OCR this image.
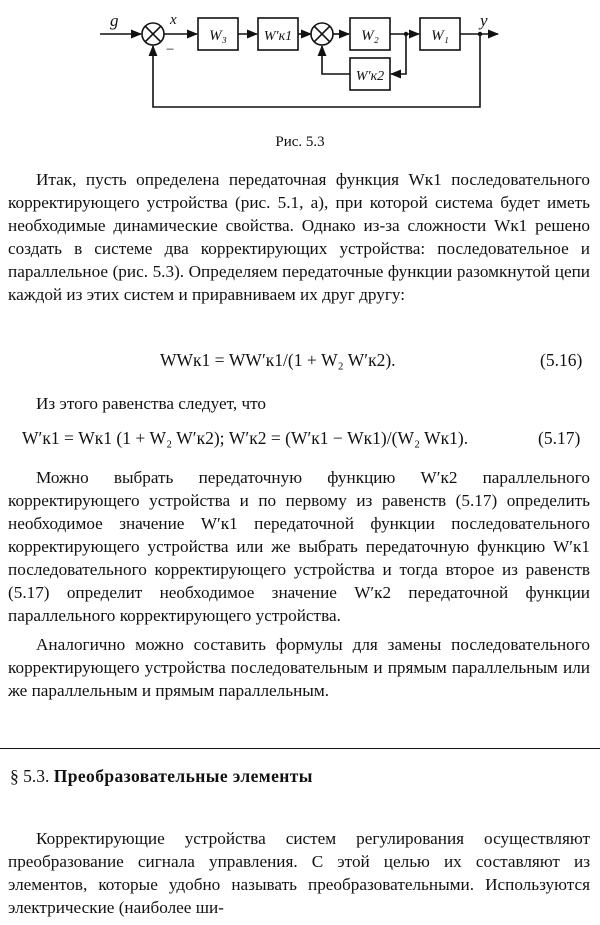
g	x	y
−
W₃	W′к1	W₂	W₁
W′к2
Рис. 5.3

Итак, пусть определена передаточная функция Wк1 последовательного корректирующего устройства (рис. 5.1, а), при которой система будет иметь необходимые динамические свойства. Однако из-за сложности Wк1 решено создать в системе два корректирующих устройства: последовательное и параллельное (рис. 5.3). Определяем передаточные функции разомкнутой цепи каждой из этих систем и приравниваем их друг другу:

WWк1 = WW′к1/(1 + W₂ W′к2).	(5.16)

Из этого равенства следует, что

W′к1 = Wк1 (1 + W₂ W′к2); W′к2 = (W′к1 − Wк1)/(W₂ Wк1).	(5.17)

Можно выбрать передаточную функцию W′к2 параллельного корректирующего устройства и по первому из равенств (5.17) определить необходимое значение W′к1 передаточной функции последовательного корректирующего устройства или же выбрать передаточную функцию W′к1 последовательного корректирующего устройства и тогда второе из равенств (5.17) определит необходимое значение W′к2 передаточной функции параллельного корректирующего устройства.

Аналогично можно составить формулы для замены последовательного корректирующего устройства последовательным и прямым параллельным или же параллельным и прямым параллельным.

§ 5.3. Преобразовательные элементы

Корректирующие устройства систем регулирования осуществляют преобразование сигнала управления. С этой целью их составляют из элементов, которые удобно называть преобразовательными. Используются электрические (наиболее ши-
